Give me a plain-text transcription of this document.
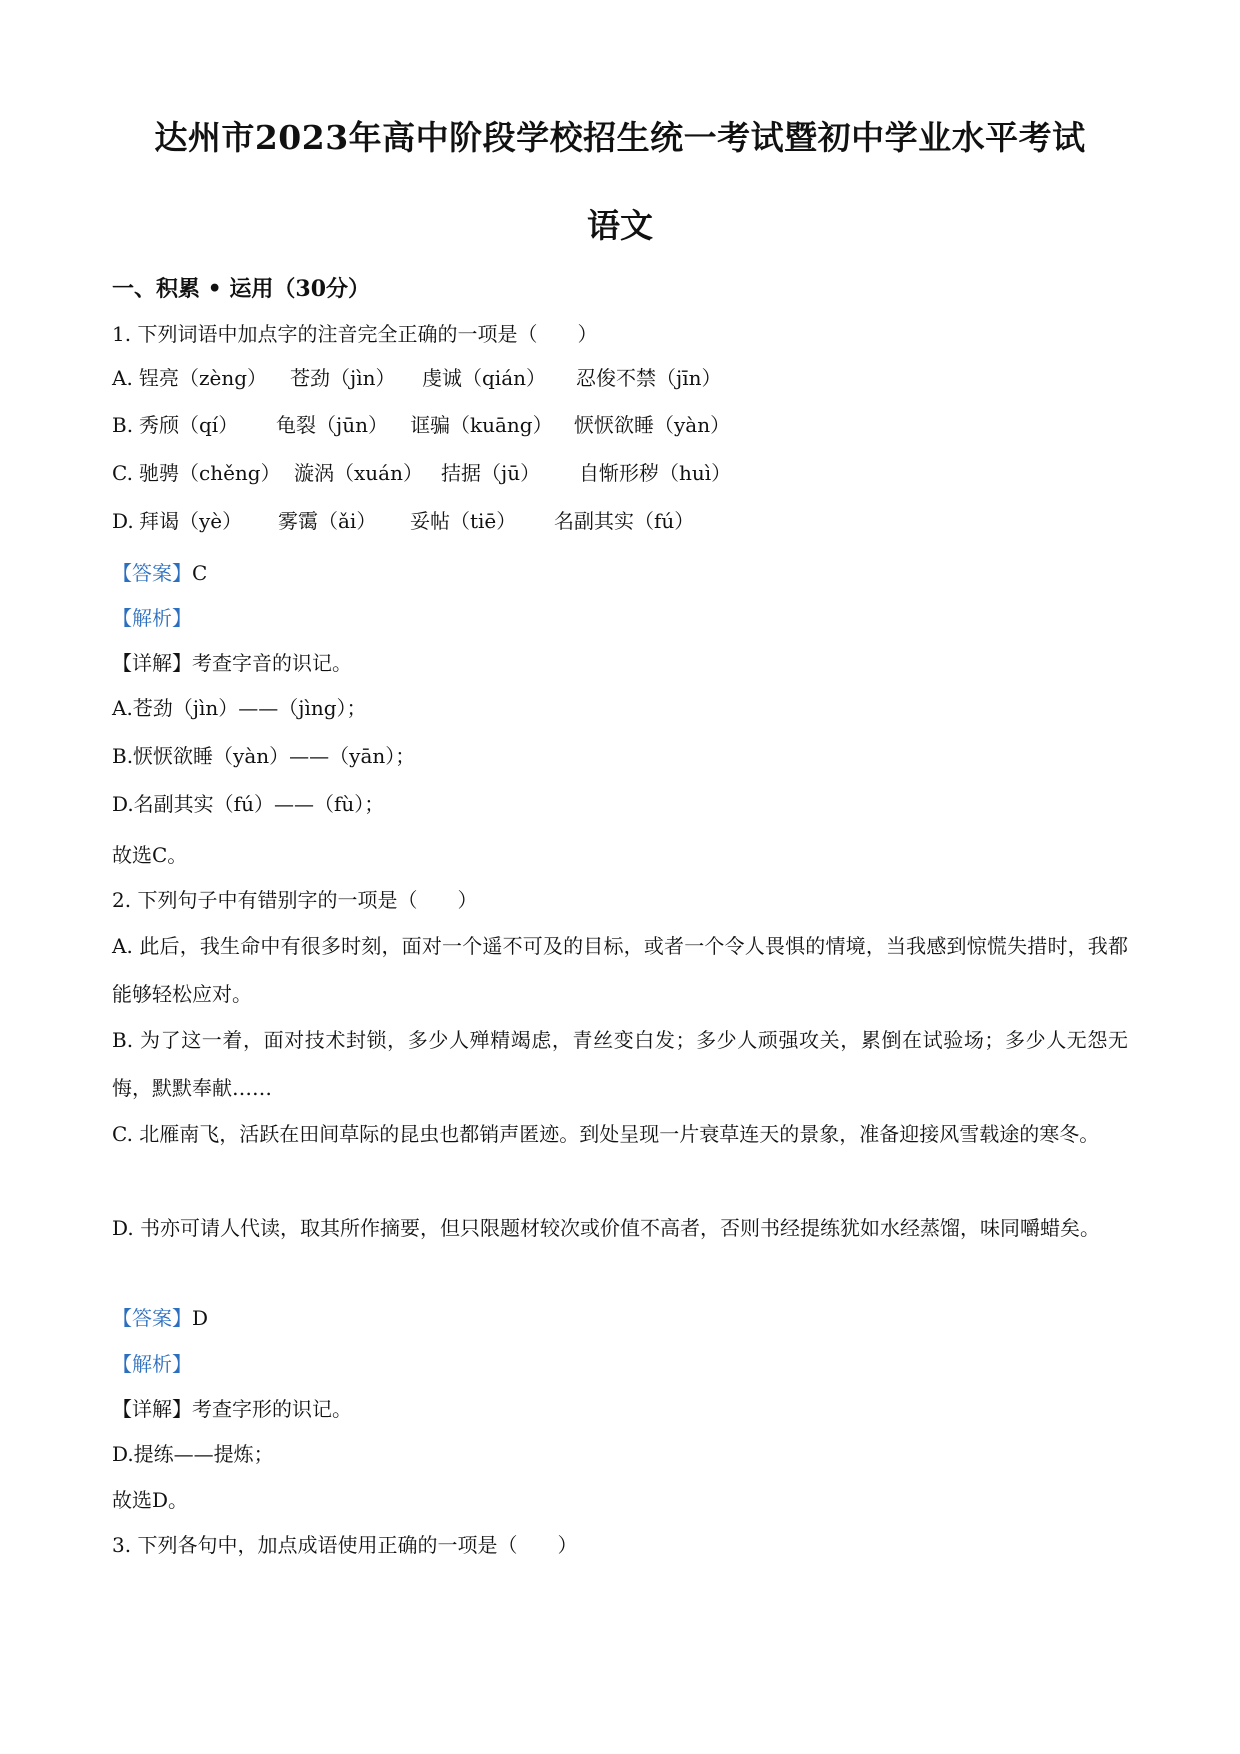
达州市2023年高中阶段学校招生统一考试暨初中学业水平考试
语文
一、积累 • 运用（30分）
1. 下列词语中加点字的注音完全正确的一项是（　　）
A. 锃亮（zèng） 苍劲（jìn） 虔诚（qián） 忍俊不禁（jīn）
B. 秀颀（qí） 龟裂（jūn） 诓骗（kuāng） 恹恹欲睡（yàn）
C. 驰骋（chěng） 漩涡（xuán） 拮据（jū） 自惭形秽（huì）
D. 拜谒（yè） 雾霭（ǎi） 妥帖（tiē） 名副其实（fú）
【答案】C
【解析】
【详解】考查字音的识记。
A.苍劲（jìn）——（jìng）；
B.恹恹欲睡（yàn）——（yān）；
D.名副其实（fú）——（fù）；
故选C。
2. 下列句子中有错别字的一项是（　　）
A. 此后，我生命中有很多时刻，面对一个遥不可及的目标，或者一个令人畏惧的情境，当我感到惊慌失措时，我都能够轻松应对。
B. 为了这一着，面对技术封锁，多少人殚精竭虑，青丝变白发；多少人顽强攻关，累倒在试验场；多少人无怨无悔，默默奉献……
C. 北雁南飞，活跃在田间草际的昆虫也都销声匿迹。到处呈现一片衰草连天的景象，准备迎接风雪载途的寒冬。
D. 书亦可请人代读，取其所作摘要，但只限题材较次或价值不高者，否则书经提练犹如水经蒸馏，味同嚼蜡矣。
【答案】D
【解析】
【详解】考查字形的识记。
D.提练——提炼；
故选D。
3. 下列各句中，加点成语使用正确的一项是（　　）
